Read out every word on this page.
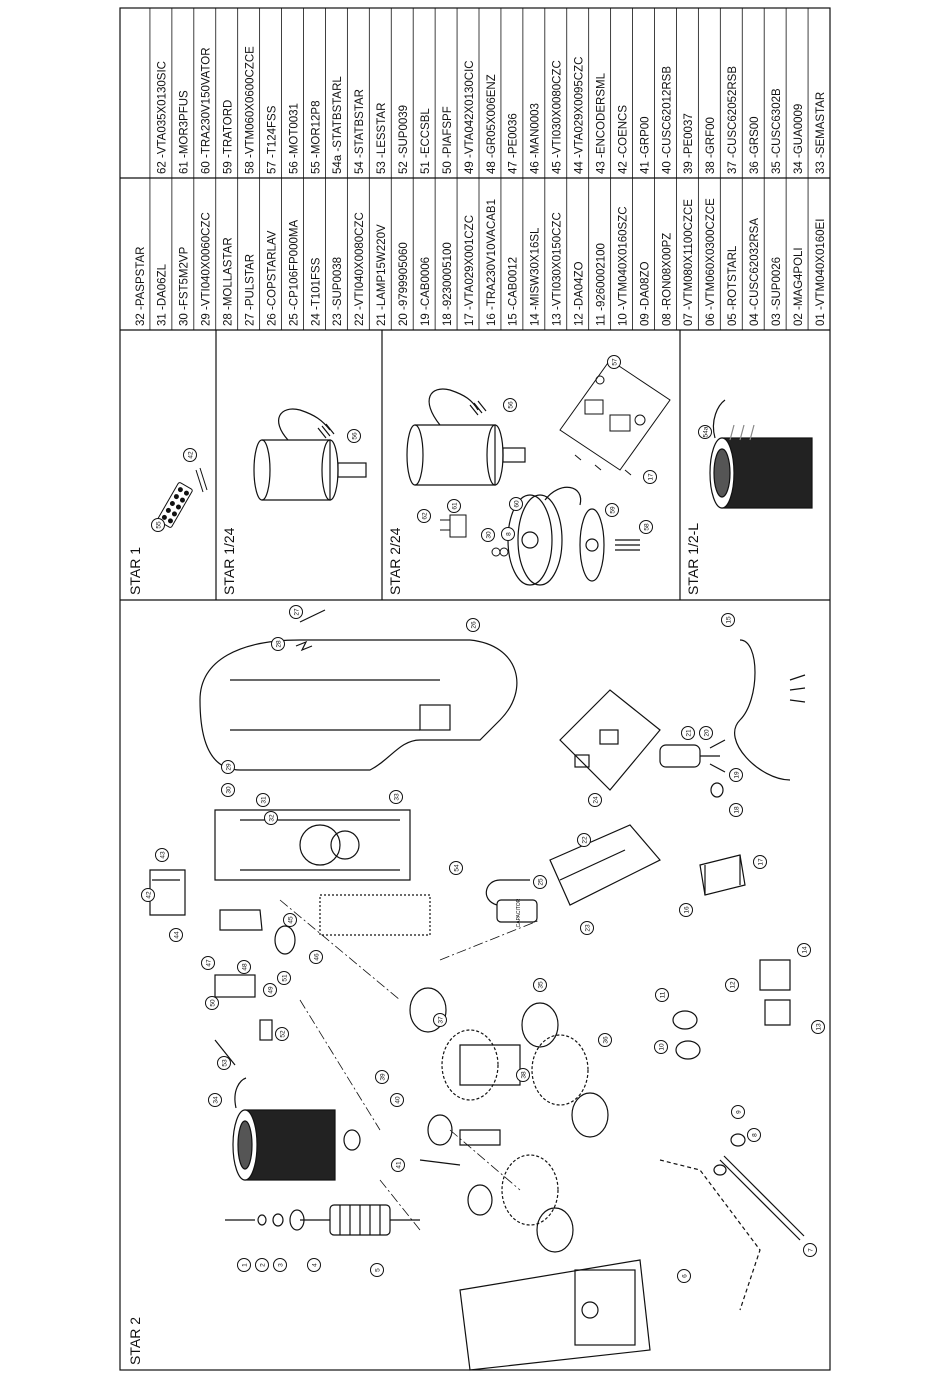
01 -VTM040X0160EI
02 -MAG4POLI
03 -SUP0026
04 -CUSC62032RSA
05 -ROTSTARL
06 -VTM060X0300CZCE
07 -VTM080X1100CZCE
08 -RON08X00PZ
09 -DA08ZO
10 -VTM040X0160SZC
11 -9260002100
12 -DA04ZO
13 -VTI030X0150CZC
14 -MISW30X16SL
15 -CAB0012
16 -TRA230V10VACAB1
17 -VTA029X001CZC
18 -9230005100
19 -CAB0006
20 -9799905060
21 -LAMP15W220V
22 -VTI040X0080CZC
23 -SUP0038
24 -T101FSS
25 -CP106FP000MA
26 -COPSTARLAV
27 -PULSTAR
28 -MOLLASTAR
29 -VTI040X0060CZC
30 -FST5M2VP
31 -DA06ZL
32 -PASPSTAR
33 -SEMASTAR
34 -GUA0009
35 -CUSC6302B
36 -GRS00
37 -CUSC62052RSB
38 -GRF00
39 -PE0037
40 -CUSC62012RSB
41 -GRP00
42 -COENCS
43 -ENCODERSML
44 -VTA029X0095CZC
45 -VTI030X0080CZC
46 -MAN0003
47 -PE0036
48 -GR05X006ENZ
49 -VTA042X0130CIC
50 -PIAFSPF
51 -ECCSBL
52 -SUP0039
53 -LESSTAR
54 -STATBSTAR
54a -STATBSTARL
55 -MOR12P8
56 -MOT0031
57 -T124FSS
58 -VTM060X0600CZCE
59 -TRATORD
60 -TRA230V150VATOR
61 -MOR3PFUS
62 -VTA035X0130SIC
STAR 2
STAR 1	STAR 1/24	STAR 2/24	STAR 1/2-L
1 2 3	4
5
6
7
8
9
10
11
12
13
14
15
16
17
18
19
20
21
22
23
24
25
26
27
28
29
30
31
32
33
34
35
36
37
38
39
40
41
42
43
44
45
46
47
48
49
50
51
52
53
54
42
55
56
56
57
17
62
61
30 8
60
59
58
54a
CAPACITOR
